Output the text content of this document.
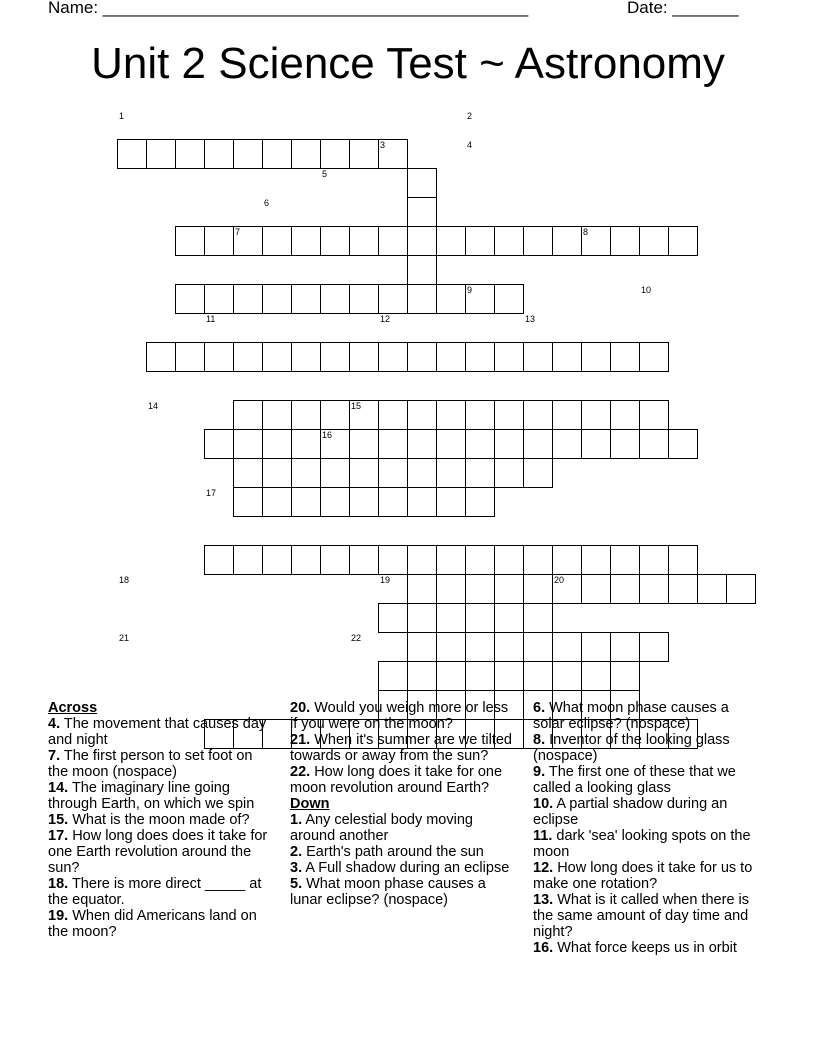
Name: _____________________________________________	Date: _______
Unit 2 Science Test ~ Astronomy
1	2
3	4
5
6
7	8
9	10
11	12	13
14	15
16
17
18	19	20
21	22
Across
4. The movement that causes day and night
7. The first person to set foot on the moon (nospace)
14. The imaginary line going through Earth, on which we spin
15. What is the moon made of?
17. How long does does it take for one Earth revolution around the sun?
18. There is more direct _____ at the equator.
19. When did Americans land on the moon?
20. Would you weigh more or less if you were on the moon?
21. When it's summer are we tilted towards or away from the sun?
22. How long does it take for one moon revolution around Earth?
Down
1. Any celestial body moving around another
2. Earth's path around the sun
3. A Full shadow during an eclipse
5. What moon phase causes a lunar eclipse? (nospace)
6. What moon phase causes a solar eclipse? (nospace)
8. Inventor of the looking glass (nospace)
9. The first one of these that we called a looking glass
10. A partial shadow during an eclipse
11. dark 'sea' looking spots on the moon
12. How long does it take for us to make one rotation?
13. What is it called when there is the same amount of day time and night?
16. What force keeps us in orbit
